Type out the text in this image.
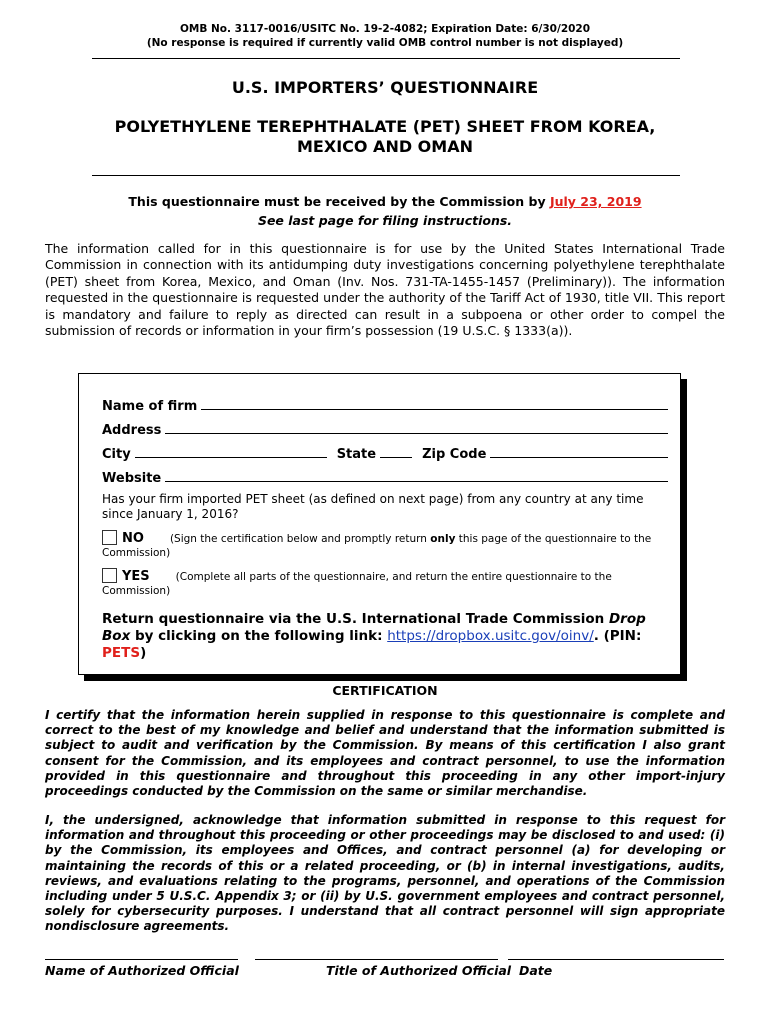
OMB No. 3117-0016/USITC No. 19-2-4082; Expiration Date: 6/30/2020
(No response is required if currently valid OMB control number is not displayed)
U.S. IMPORTERS’ QUESTIONNAIRE
POLYETHYLENE TEREPHTHALATE (PET) SHEET FROM KOREA,
MEXICO AND OMAN
This questionnaire must be received by the Commission by July 23, 2019
See last page for filing instructions.
The information called for in this questionnaire is for use by the United States International Trade Commission in connection with its antidumping duty investigations concerning polyethylene terephthalate (PET) sheet from Korea, Mexico, and Oman (Inv. Nos. 731-TA-1455-1457 (Preliminary)). The information requested in the questionnaire is requested under the authority of the Tariff Act of 1930, title VII. This report is mandatory and failure to reply as directed can result in a subpoena or other order to compel the submission of records or information in your firm’s possession (19 U.S.C. § 1333(a)).
Name of firm
Address
City	State	Zip Code
Website
Has your firm imported PET sheet (as defined on next page) from any country at any time since January 1, 2016?
NO (Sign the certification below and promptly return only this page of the questionnaire to the Commission)
YES (Complete all parts of the questionnaire, and return the entire questionnaire to the Commission)
Return questionnaire via the U.S. International Trade Commission Drop Box by clicking on the following link: https://dropbox.usitc.gov/oinv/. (PIN: PETS)
CERTIFICATION
I certify that the information herein supplied in response to this questionnaire is complete and correct to the best of my knowledge and belief and understand that the information submitted is subject to audit and verification by the Commission. By means of this certification I also grant consent for the Commission, and its employees and contract personnel, to use the information provided in this questionnaire and throughout this proceeding in any other import-injury proceedings conducted by the Commission on the same or similar merchandise.
I, the undersigned, acknowledge that information submitted in response to this request for information and throughout this proceeding or other proceedings may be disclosed to and used: (i) by the Commission, its employees and Offices, and contract personnel (a) for developing or maintaining the records of this or a related proceeding, or (b) in internal investigations, audits, reviews, and evaluations relating to the programs, personnel, and operations of the Commission including under 5 U.S.C. Appendix 3; or (ii) by U.S. government employees and contract personnel, solely for cybersecurity purposes. I understand that all contract personnel will sign appropriate nondisclosure agreements.
Name of Authorized Official	Title of Authorized Official Date
